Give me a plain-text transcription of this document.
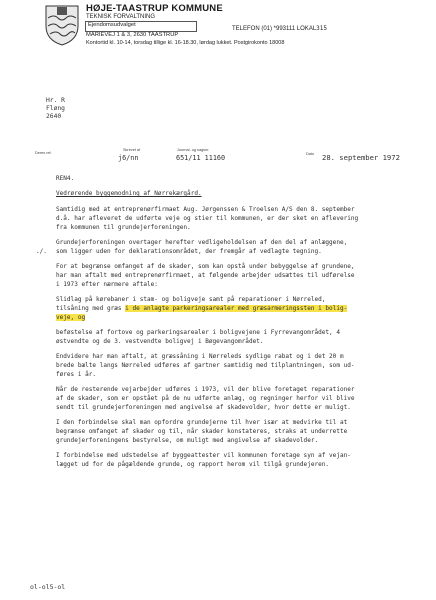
HØJE-TAASTRUP KOMMUNE
TEKNISK FORVALTNING
Ejendomsudvalget
MARIEVEJ 1 & 3, 2630 TAASTRUP
Kontortid kl. 10-14, torsdag tillige kl. 16-18.30, lørdag lukket. Postgirokonto 18008
TELEFON (01) *993111 LOKAL315
Hr. R
Fløng
2640
Deres ref.
Skrevet af
j6/nn
Journal- og sagsnr.
651/11 11160	Dato 28. september 1972
REN4.
Vedrørende byggemodning af Nørrekærgård.
Samtidig med at entreprenørfirmaet Aug. Jørgenssen & Troelsen A/S den 8. september
d.å. har afleveret de udførte veje og stier til kommunen, er der sket en aflevering
fra kommunen til grundejerforeningen.
Grundejerforeningen overtager herefter vedligeholdelsen af den del af anlæggene,
./. som ligger uden for deklarationsområdet, der fremgår af vedlagte tegning.
For at begrænse omfanget af de skader, som kan opstå under bebyggelse af grundene,
har man aftalt med entreprenørfirmaet, at følgende arbejder udsættes til udførelse
i 1973 efter nærmere aftale:
Slidlag på kørebaner i stam- og boligveje samt på reparationer i Nørreled,
tilsåning med græs i de anlagte parkeringsarealer med græsarmeringssten i bolig-
veje, og
beføstelse af fortove og parkeringsarealer i boligvejene i Fyrrevangområdet, 4
østvendte og de 3. vestvendte boligvej i Bøgevangområdet.
Endvidere har man aftalt, at græssåning i Nørreleds sydlige rabat og i det 20 m
brede bælte langs Nørreled udføres af gartner samtidig med tilplantningen, som ud-
føres i år.
Når de resterende vejarbejder udføres i 1973, vil der blive foretaget reparationer
af de skader, som er opstået på de nu udførte anlæg, og regninger herfor vil blive
sendt til grundejerforeningen med angivelse af skadevolder, hvor dette er muligt.
I den forbindelse skal man opfordre grundejerne til hver især at medvirke til at
begrænse omfanget af skader og til, når skader konstateres, straks at underrette
grundejerforeningens bestyrelse, om muligt med angivelse af skadevolder.
I forbindelse med udstedelse af byggeattester vil kommunen foretage syn af vejan-
lægget ud for de pågældende grunde, og rapport herom vil tilgå grundejeren.
ol-ol5-ol
